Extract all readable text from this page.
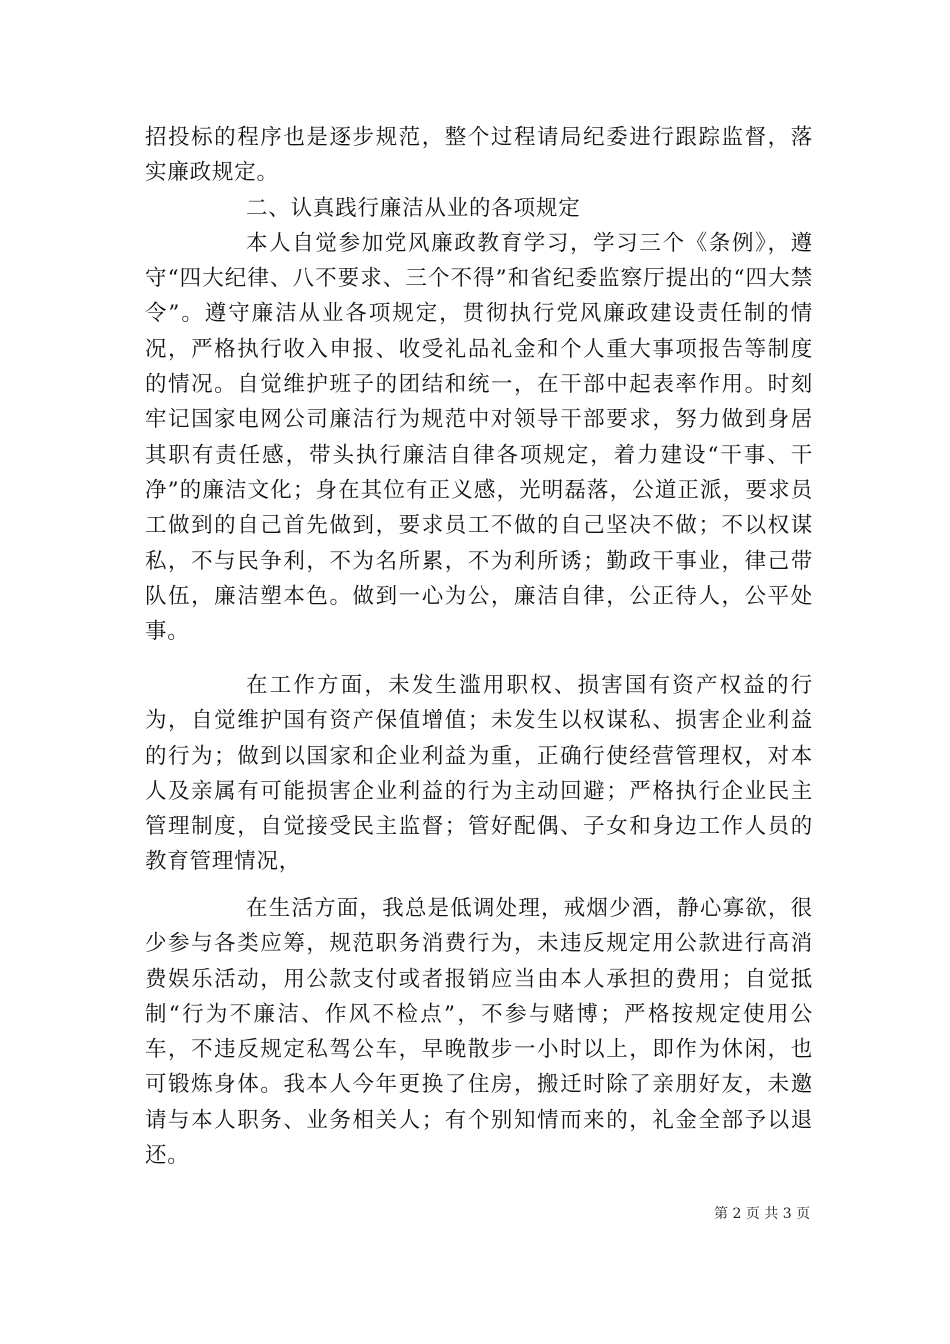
招投标的程序也是逐步规范，整个过程请局纪委进行跟踪监督，落实廉政规定。

二、认真践行廉洁从业的各项规定

本人自觉参加党风廉政教育学习，学习三个《条例》，遵守“四大纪律、八不要求、三个不得”和省纪委监察厅提出的“四大禁令”。遵守廉洁从业各项规定，贯彻执行党风廉政建设责任制的情况，严格执行收入申报、收受礼品礼金和个人重大事项报告等制度的情况。自觉维护班子的团结和统一，在干部中起表率作用。时刻牢记国家电网公司廉洁行为规范中对领导干部要求，努力做到身居其职有责任感，带头执行廉洁自律各项规定，着力建设“干事、干净”的廉洁文化；身在其位有正义感，光明磊落，公道正派，要求员工做到的自己首先做到，要求员工不做的自己坚决不做；不以权谋私，不与民争利，不为名所累，不为利所诱；勤政干事业，律己带队伍，廉洁塑本色。做到一心为公，廉洁自律，公正待人，公平处事。

在工作方面，未发生滥用职权、损害国有资产权益的行为，自觉维护国有资产保值增值；未发生以权谋私、损害企业利益的行为；做到以国家和企业利益为重，正确行使经营管理权，对本人及亲属有可能损害企业利益的行为主动回避；严格执行企业民主管理制度，自觉接受民主监督；管好配偶、子女和身边工作人员的教育管理情况，

在生活方面，我总是低调处理，戒烟少酒，静心寡欲，很少参与各类应筹，规范职务消费行为，未违反规定用公款进行高消费娱乐活动，用公款支付或者报销应当由本人承担的费用；自觉抵制“行为不廉洁、作风不检点”，不参与赌博；严格按规定使用公车，不违反规定私驾公车，早晚散步一小时以上，即作为休闲，也可锻炼身体。我本人今年更换了住房，搬迁时除了亲朋好友，未邀请与本人职务、业务相关人；有个别知情而来的，礼金全部予以退还。

第 2 页 共 3 页
